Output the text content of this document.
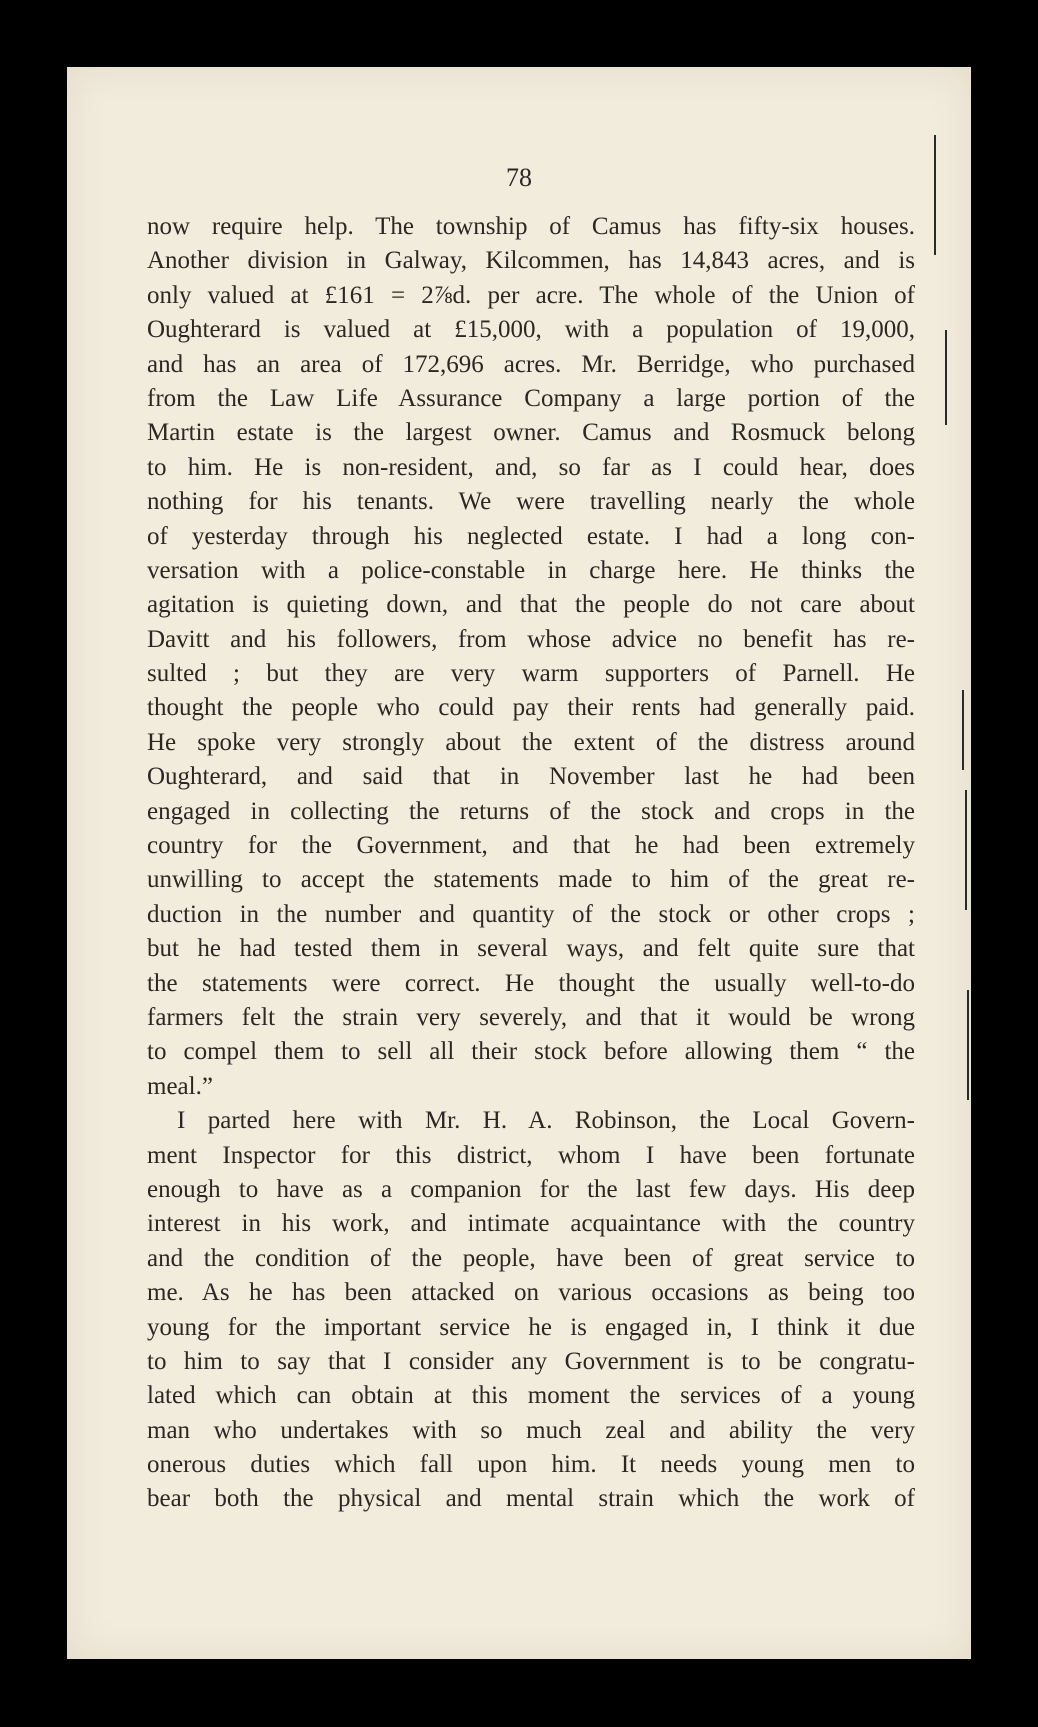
78
now require help. The township of Camus has fifty-six houses.
Another division in Galway, Kilcommen, has 14,843 acres, and is
only valued at £161 = 2⅞d. per acre. The whole of the Union of
Oughterard is valued at £15,000, with a population of 19,000,
and has an area of 172,696 acres. Mr. Berridge, who purchased
from the Law Life Assurance Company a large portion of the
Martin estate is the largest owner. Camus and Rosmuck belong
to him. He is non-resident, and, so far as I could hear, does
nothing for his tenants. We were travelling nearly the whole
of yesterday through his neglected estate. I had a long con-
versation with a police-constable in charge here. He thinks the
agitation is quieting down, and that the people do not care about
Davitt and his followers, from whose advice no benefit has re-
sulted ; but they are very warm supporters of Parnell. He
thought the people who could pay their rents had generally paid.
He spoke very strongly about the extent of the distress around
Oughterard, and said that in November last he had been
engaged in collecting the returns of the stock and crops in the
country for the Government, and that he had been extremely
unwilling to accept the statements made to him of the great re-
duction in the number and quantity of the stock or other crops ;
but he had tested them in several ways, and felt quite sure that
the statements were correct. He thought the usually well-to-do
farmers felt the strain very severely, and that it would be wrong
to compel them to sell all their stock before allowing them “ the
meal.”
I parted here with Mr. H. A. Robinson, the Local Govern-
ment Inspector for this district, whom I have been fortunate
enough to have as a companion for the last few days. His deep
interest in his work, and intimate acquaintance with the country
and the condition of the people, have been of great service to
me. As he has been attacked on various occasions as being too
young for the important service he is engaged in, I think it due
to him to say that I consider any Government is to be congratu-
lated which can obtain at this moment the services of a young
man who undertakes with so much zeal and ability the very
onerous duties which fall upon him. It needs young men to
bear both the physical and mental strain which the work of
